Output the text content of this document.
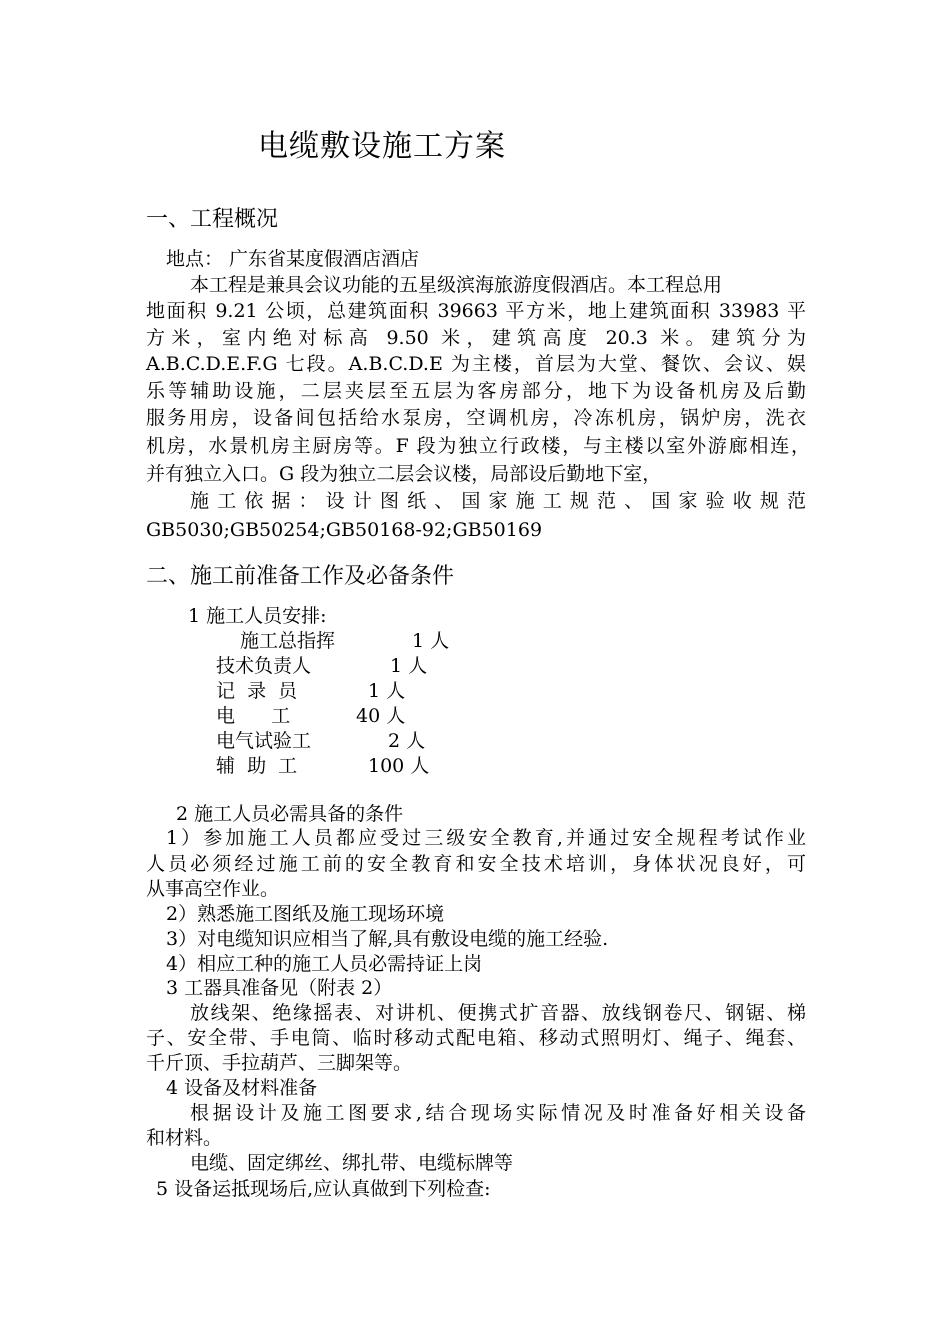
电缆敷设施工方案
一、工程概况
地点： 广东省某度假酒店酒店
本工程是兼具会议功能的五星级滨海旅游度假酒店。本工程总用
地面积 9.21 公顷，总建筑面积 39663 平方米，地上建筑面积 33983 平
方米，室内绝对标高 9.50 米，建筑高度 20.3 米。建筑分为
A.B.C.D.E.F.G 七段。A.B.C.D.E 为主楼，首层为大堂、餐饮、会议、娱
乐等辅助设施，二层夹层至五层为客房部分，地下为设备机房及后勤
服务用房，设备间包括给水泵房，空调机房，冷冻机房，锅炉房，洗衣
机房，水景机房主厨房等。F 段为独立行政楼，与主楼以室外游廊相连，
并有独立入口。G 段为独立二层会议楼，局部设后勤地下室，
施工依据：设计图纸、国家施工规范、国家验收规范
GB5030;GB50254;GB50168-92;GB50169
二、施工前准备工作及必备条件
1 施工人员安排:
施工总指挥	1 人
技术负责人	1 人
记  录  员	1 人
电      工	40 人
电气试验工	2 人
辅  助  工	100 人
2 施工人员必需具备的条件
1）参加施工人员都应受过三级安全教育,并通过安全规程考试作业
人员必须经过施工前的安全教育和安全技术培训，身体状况良好，可
从事高空作业。
2）熟悉施工图纸及施工现场环境
3）对电缆知识应相当了解,具有敷设电缆的施工经验.
4）相应工种的施工人员必需持证上岗
3 工器具准备见（附表 2）
放线架、绝缘摇表、对讲机、便携式扩音器、放线钢卷尺、钢锯、梯
子、安全带、手电筒、临时移动式配电箱、移动式照明灯、绳子、绳套、
千斤顶、手拉葫芦、三脚架等。
4 设备及材料准备
根据设计及施工图要求,结合现场实际情况及时准备好相关设备
和材料。
电缆、固定绑丝、绑扎带、电缆标牌等
5 设备运抵现场后,应认真做到下列检查:
